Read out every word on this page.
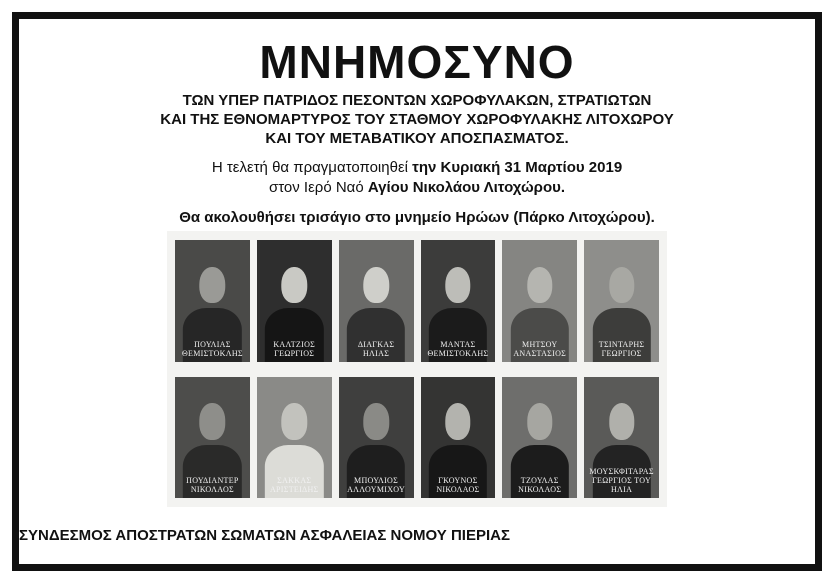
ΜΝΗΜΟΣΥΝΟ
ΤΩΝ ΥΠΕΡ ΠΑΤΡΙΔΟΣ ΠΕΣΟΝΤΩΝ ΧΩΡΟΦΥΛΑΚΩΝ, ΣΤΡΑΤΙΩΤΩΝ
ΚΑΙ ΤΗΣ ΕΘΝΟΜΑΡΤΥΡΟΣ ΤΟΥ ΣΤΑΘΜΟΥ ΧΩΡΟΦΥΛΑΚΗΣ ΛΙΤΟΧΩΡΟΥ
ΚΑΙ ΤΟΥ ΜΕΤΑΒΑΤΙΚΟΥ ΑΠΟΣΠΑΣΜΑΤΟΣ.
Η τελετή θα πραγματοποιηθεί την Κυριακή 31 Μαρτίου 2019
στον Ιερό Ναό Αγίου Νικολάου Λιτοχώρου.
Θα ακολουθήσει τρισάγιο στο μνημείο Ηρώων (Πάρκο Λιτοχώρου).
ΠΟΥΛΙΑΣ
ΘΕΜΙΣΤΟΚΛΗΣ
ΚΑΛΤΖΙΟΣ ΓΕΩΡΓΙΟΣ
ΔΙΑΓΚΑΣ
ΗΛΙΑΣ
ΜΑΝΤΑΣ
ΘΕΜΙΣΤΟΚΛΗΣ
ΜΗΤΣΟΥ
ΑΝΑΣΤΑΣΙΟΣ
ΤΣΙΝΤΑΡΗΣ
ΓΕΩΡΓΙΟΣ
ΠΟΥΔΙΑΝΤΕΡ
ΝΙΚΟΛΑΟΣ
ΣΑΚΚΑΣ
ΑΡΙΣΤΕΙΔΗΣ
ΜΠΟΥΛΙΟΣ
ΑΛΛΟΥΜΙΧΟΥ
ΓΚΟΥΝΟΣ
ΝΙΚΟΛΑΟΣ
ΤΖΟΥΛΑΣ
ΝΙΚΟΛΑΟΣ
ΜΟΥΣΚΦΙΤΑΡΑΣ
ΓΕΩΡΓΙΟΣ ΤΟΥ ΗΛΙΑ
ΣΥΝΔΕΣΜΟΣ ΑΠΟΣΤΡΑΤΩΝ ΣΩΜΑΤΩΝ ΑΣΦΑΛΕΙΑΣ ΝΟΜΟΥ ΠΙΕΡΙΑΣ
